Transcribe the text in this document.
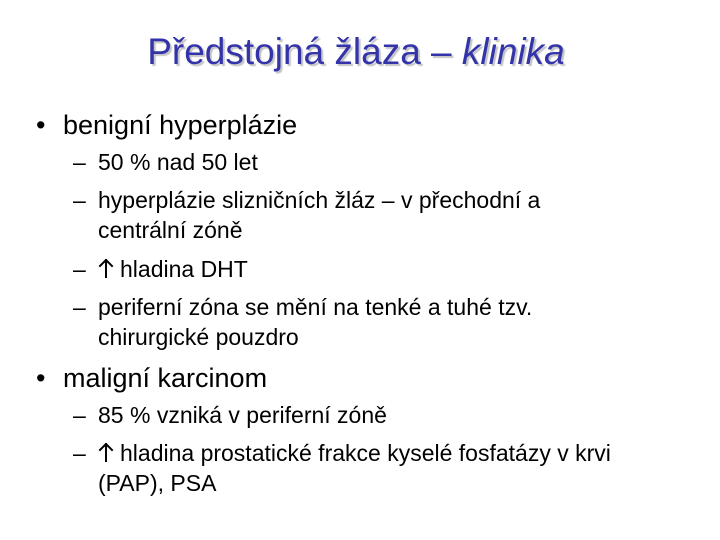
Předstojná žláza – klinika
• benigní hyperplázie
– 50 % nad 50 let
– hyperplázie slizničních žláz – v přechodní a
centrální zóně
– hladina DHT
– periferní zóna se mění na tenké a tuhé tzv.
chirurgické pouzdro
• maligní karcinom
– 85 % vzniká v periferní zóně
– hladina prostatické frakce kyselé fosfatázy v krvi
(PAP), PSA
